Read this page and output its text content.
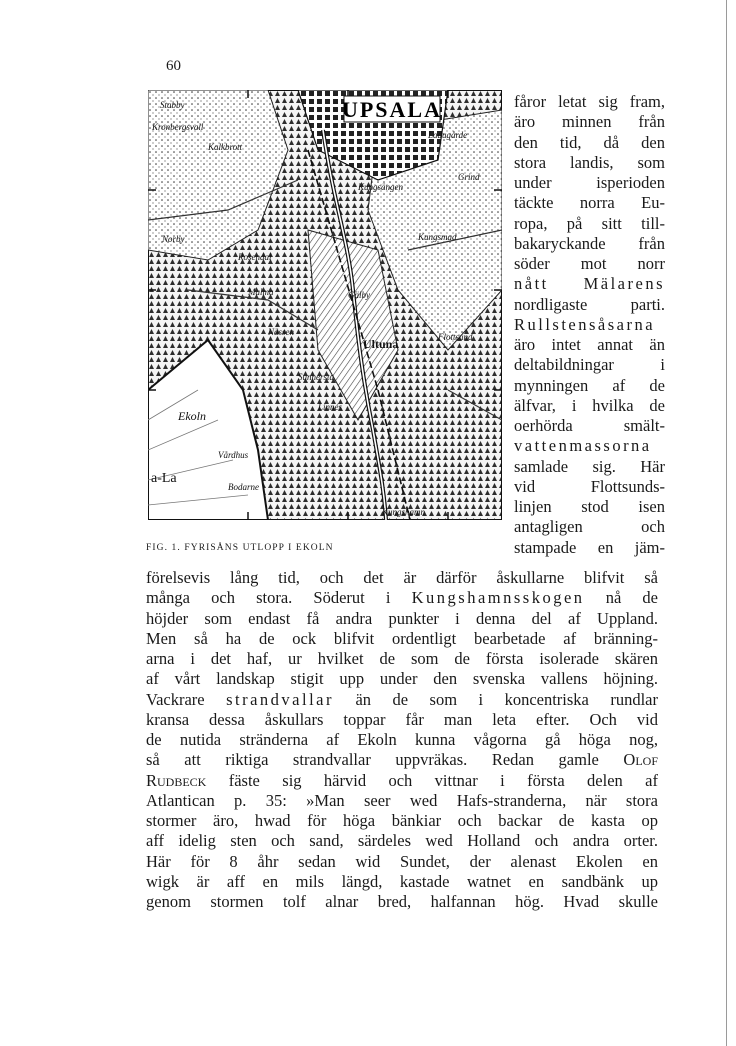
60
UPSALA
Stabby
Kronbergsvall
Ladugårde
Kalkbrott
Kungsängen
Norby
Rosendal
Kungsmad
Gälby
Ultuna
Malma
Nässen	Flottsund
Ekoln
Vårdhus
a-La
Kungshamn
Bodarne
Sunnersta
Linnés
Grind
FIG. 1. FYRISÅNS UTLOPP I EKOLN
fåror letat sig fram,
äro minnen från
den tid, då den
stora landis, som
under isperioden
täckte norra Eu-
ropa, på sitt till-
bakaryckande från
söder mot norr
nått Mälarens
nordligaste parti.
Rullstensåsarna
äro intet annat än
deltabildningar i
mynningen af de
älfvar, i hvilka de
oerhörda smält-
vattenmassorna
samlade sig. Här
vid Flottsunds-
linjen stod isen
antagligen och
stampade en jäm-
förelsevis lång tid, och det är därför åskullarne blifvit så
många och stora. Söderut i Kungshamnsskogen nå de
höjder som endast få andra punkter i denna del af Uppland.
Men så ha de ock blifvit ordentligt bearbetade af bränning-
arna i det haf, ur hvilket de som de första isolerade skären
af vårt landskap stigit upp under den svenska vallens höjning.
Vackrare strandvallar än de som i koncentriska rundlar
kransa dessa åskullars toppar får man leta efter. Och vid
de nutida stränderna af Ekoln kunna vågorna gå höga nog,
så att riktiga strandvallar uppvräkas. Redan gamle Olof
Rudbeck fäste sig härvid och vittnar i första delen af
Atlantican p. 35: »Man seer wed Hafs-stranderna, när stora
stormer äro, hwad för höga bänkiar och backar de kasta op
aff idelig sten och sand, särdeles wed Holland och andra orter.
Här för 8 åhr sedan wid Sundet, der alenast Ekolen en
wigk är aff en mils längd, kastade watnet en sandbänk up
genom stormen tolf alnar bred, halfannan hög. Hvad skulle
